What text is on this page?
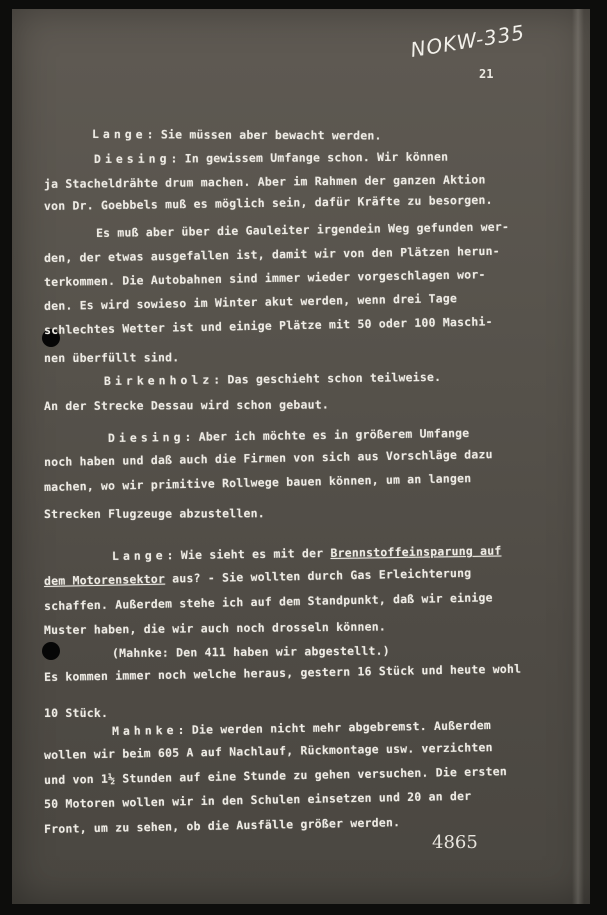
NOKW-335
21
Lange: Sie müssen aber bewacht werden.
Diesing: In gewissem Umfange schon. Wir können
ja Stacheldrähte drum machen. Aber im Rahmen der ganzen Aktion
von Dr. Goebbels muß es möglich sein, dafür Kräfte zu besorgen.
Es muß aber über die Gauleiter irgendein Weg gefunden wer-
den, der etwas ausgefallen ist, damit wir von den Plätzen herun-
terkommen. Die Autobahnen sind immer wieder vorgeschlagen wor-
den. Es wird sowieso im Winter akut werden, wenn drei Tage
schlechtes Wetter ist und einige Plätze mit 50 oder 100 Maschi-
nen überfüllt sind.
Birkenholz: Das geschieht schon teilweise.
An der Strecke Dessau wird schon gebaut.
Diesing: Aber ich möchte es in größerem Umfange
noch haben und daß auch die Firmen von sich aus Vorschläge dazu
machen, wo wir primitive Rollwege bauen können, um an langen
Strecken Flugzeuge abzustellen.
Lange: Wie sieht es mit der Brennstoffeinsparung auf
dem Motorensektor aus? - Sie wollten durch Gas Erleichterung
schaffen. Außerdem stehe ich auf dem Standpunkt, daß wir einige
Muster haben, die wir auch noch drosseln können.
(Mahnke: Den 411 haben wir abgestellt.)
Es kommen immer noch welche heraus, gestern 16 Stück und heute wohl
10 Stück.
Mahnke: Die werden nicht mehr abgebremst. Außerdem
wollen wir beim 605 A auf Nachlauf, Rückmontage usw. verzichten
und von 1½ Stunden auf eine Stunde zu gehen versuchen. Die ersten
50 Motoren wollen wir in den Schulen einsetzen und 20 an der
Front, um zu sehen, ob die Ausfälle größer werden.
4865
